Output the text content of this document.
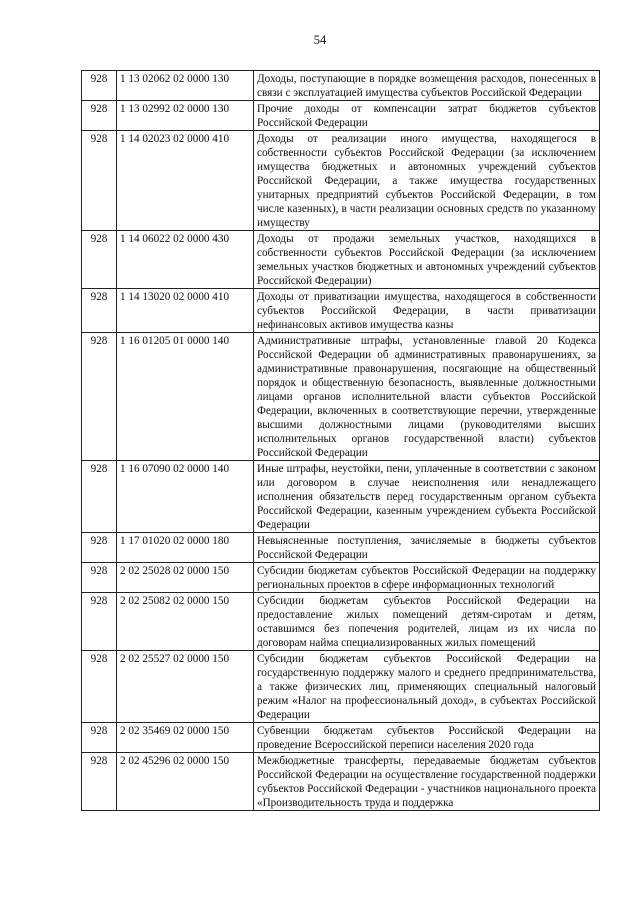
54
928	1 13 02062 02 0000 130	Доходы, поступающие в порядке возмещения расходов, понесенных в связи с эксплуатацией имущества субъектов Российской Федерации
928	1 13 02992 02 0000 130	Прочие доходы от компенсации затрат бюджетов субъектов Российской Федерации
928	1 14 02023 02 0000 410	Доходы от реализации иного имущества, находящегося в собственности субъектов Российской Федерации (за исключением имущества бюджетных и автономных учреждений субъектов Российской Федерации, а также имущества государственных унитарных предприятий субъектов Российской Федерации, в том числе казенных), в части реализации основных средств по указанному имуществу
928	1 14 06022 02 0000 430	Доходы от продажи земельных участков, находящихся в собственности субъектов Российской Федерации (за исключением земельных участков бюджетных и автономных учреждений субъектов Российской Федерации)
928	1 14 13020 02 0000 410	Доходы от приватизации имущества, находящегося в собственности субъектов Российской Федерации, в части приватизации нефинансовых активов имущества казны
928	1 16 01205 01 0000 140	Административные штрафы, установленные главой 20 Кодекса Российской Федерации об административных правонарушениях, за административные правонарушения, посягающие на общественный порядок и общественную безопасность, выявленные должностными лицами органов исполнительной власти субъектов Российской Федерации, включенных в соответствующие перечни, утвержденные высшими должностными лицами (руководителями высших исполнительных органов государственной власти) субъектов Российской Федерации
928	1 16 07090 02 0000 140	Иные штрафы, неустойки, пени, уплаченные в соответствии с законом или договором в случае неисполнения или ненадлежащего исполнения обязательств перед государственным органом субъекта Российской Федерации, казенным учреждением субъекта Российской Федерации
928	1 17 01020 02 0000 180	Невыясненные поступления, зачисляемые в бюджеты субъектов Российской Федерации
928	2 02 25028 02 0000 150	Субсидии бюджетам субъектов Российской Федерации на поддержку региональных проектов в сфере информационных технологий
928	2 02 25082 02 0000 150	Субсидии бюджетам субъектов Российской Федерации на предоставление жилых помещений детям-сиротам и детям, оставшимся без попечения родителей, лицам из их числа по договорам найма специализированных жилых помещений
928	2 02 25527 02 0000 150	Субсидии бюджетам субъектов Российской Федерации на государственную поддержку малого и среднего предпринимательства, а также физических лиц, применяющих специальный налоговый режим «Налог на профессиональный доход», в субъектах Российской Федерации
928	2 02 35469 02 0000 150	Субвенции бюджетам субъектов Российской Федерации на проведение Всероссийской переписи населения 2020 года
928	2 02 45296 02 0000 150	Межбюджетные трансферты, передаваемые бюджетам субъектов Российской Федерации на осуществление государственной поддержки субъектов Российской Федерации - участников национального проекта «Производительность труда и поддержка
